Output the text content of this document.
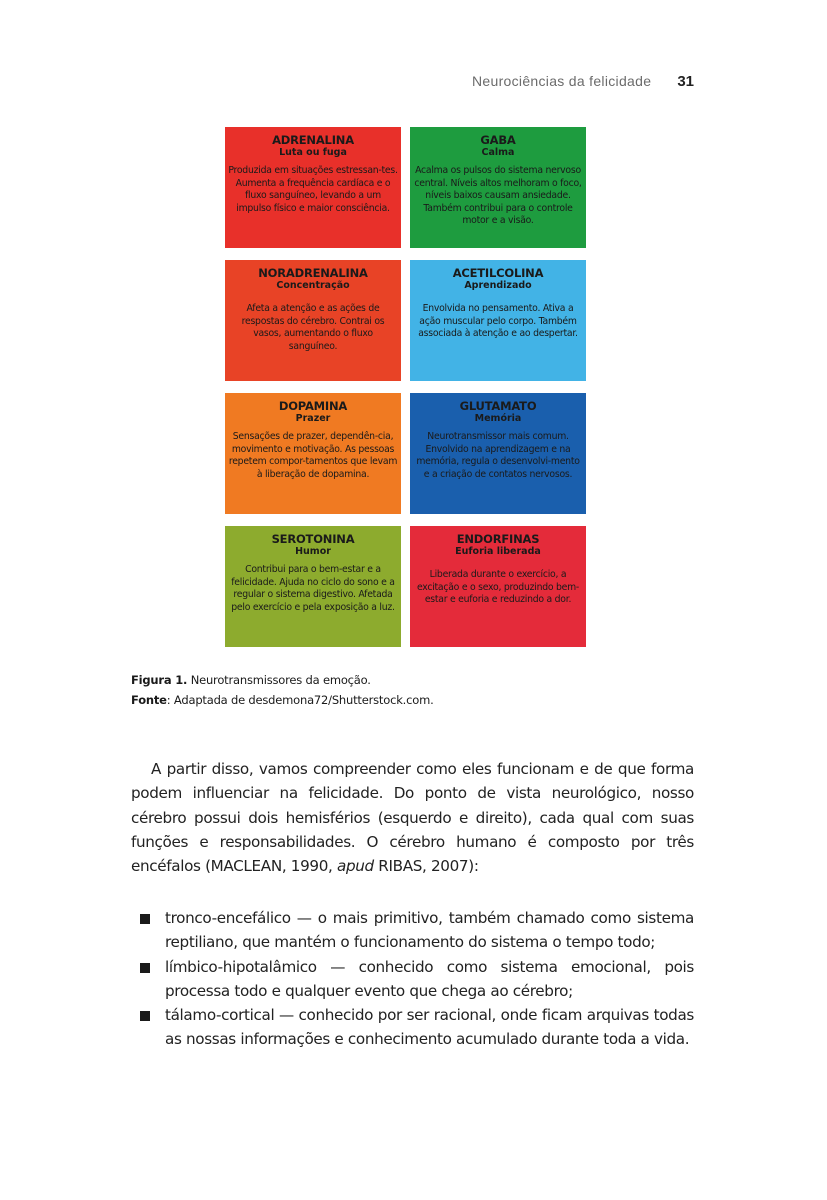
Neurociências da felicidade 31
ADRENALINA
Luta ou fuga
Produzida em situações estressan-tes. Aumenta a frequência cardíaca e o fluxo sanguíneo, levando a um impulso físico e maior consciência.
GABA
Calma
Acalma os pulsos do sistema nervoso central. Níveis altos melhoram o foco, níveis baixos causam ansiedade. Também contribui para o controle motor e a visão.
NORADRENALINA
Concentração
Afeta a atenção e as ações de respostas do cérebro. Contrai os vasos, aumentando o fluxo sanguíneo.
ACETILCOLINA
Aprendizado
Envolvida no pensamento. Ativa a ação muscular pelo corpo. Também associada à atenção e ao despertar.
DOPAMINA
Prazer
Sensações de prazer, dependên-cia, movimento e motivação. As pessoas repetem compor-tamentos que levam à liberação de dopamina.
GLUTAMATO
Memória
Neurotransmissor mais comum. Envolvido na aprendizagem e na memória, regula o desenvolvi-mento e a criação de contatos nervosos.
SEROTONINA
Humor
Contribui para o bem-estar e a felicidade. Ajuda no ciclo do sono e a regular o sistema digestivo. Afetada pelo exercício e pela exposição a luz.
ENDORFINAS
Euforia liberada
Liberada durante o exercício, a excitação e o sexo, produzindo bem-estar e euforia e reduzindo a dor.
Figura 1. Neurotransmissores da emoção.
Fonte: Adaptada de desdemona72/Shutterstock.com.

A partir disso, vamos compreender como eles funcionam e de que forma podem influenciar na felicidade. Do ponto de vista neurológico, nosso cérebro possui dois hemisférios (esquerdo e direito), cada qual com suas funções e responsabilidades. O cérebro humano é composto por três encéfalos (MACLEAN, 1990, apud RIBAS, 2007):

tronco-encefálico — o mais primitivo, também chamado como sistema reptiliano, que mantém o funcionamento do sistema o tempo todo;
límbico-hipotalâmico — conhecido como sistema emocional, pois processa todo e qualquer evento que chega ao cérebro;
tálamo-cortical — conhecido por ser racional, onde ficam arquivas todas as nossas informações e conhecimento acumulado durante toda a vida.
